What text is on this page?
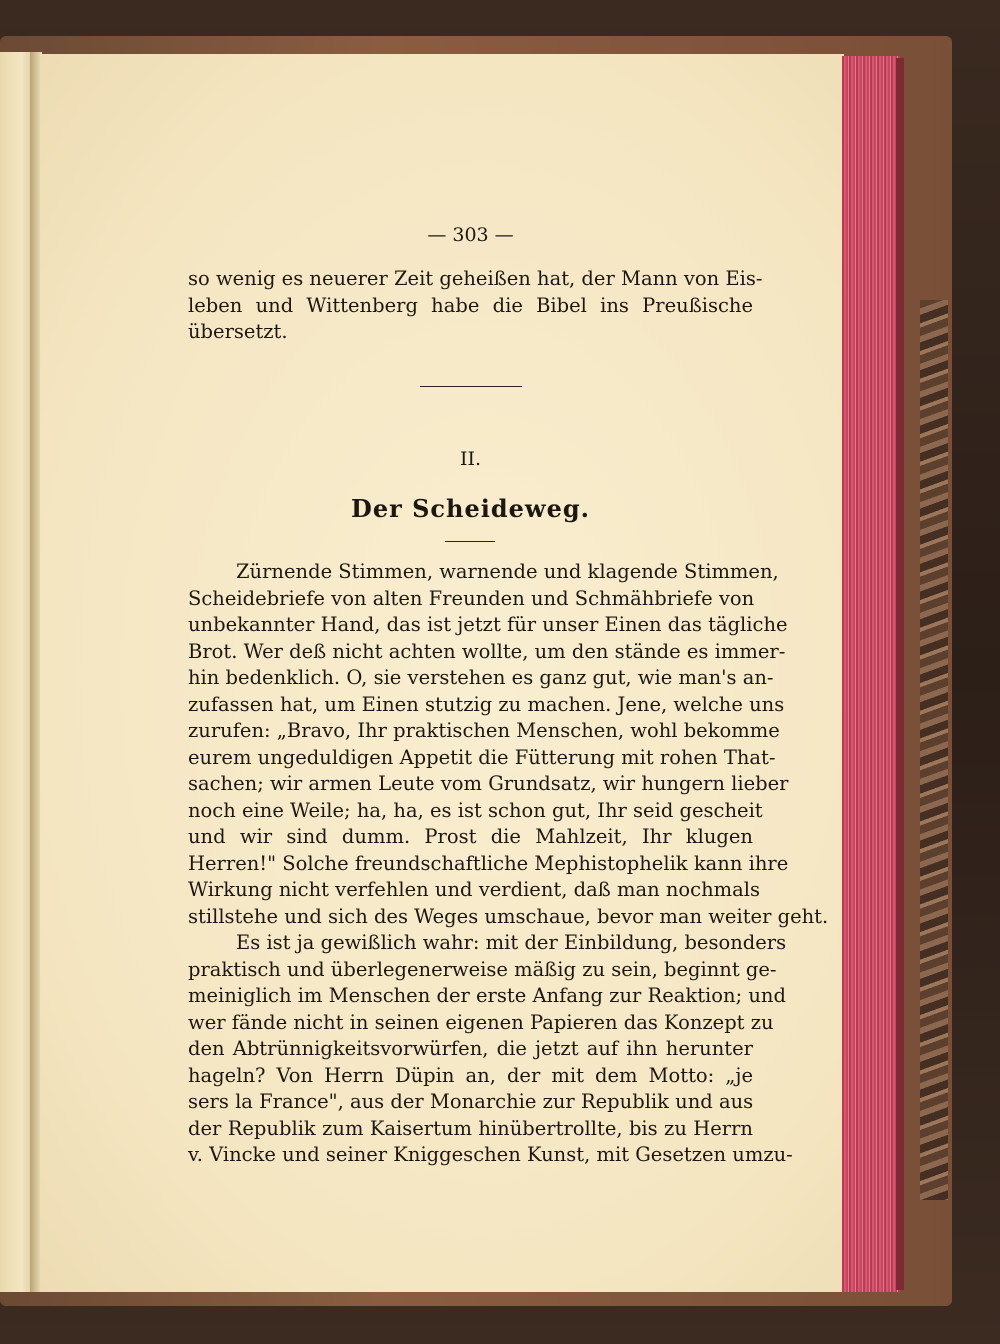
— 303 —
so wenig es neuerer Zeit geheißen hat, der Mann von Eis-
leben und Wittenberg habe die Bibel ins Preußische
übersetzt.
II.
Der Scheideweg.
Zürnende Stimmen, warnende und klagende Stimmen,
Scheidebriefe von alten Freunden und Schmähbriefe von
unbekannter Hand, das ist jetzt für unser Einen das tägliche
Brot. Wer deß nicht achten wollte, um den stände es immer-
hin bedenklich. O, sie verstehen es ganz gut, wie man's an-
zufassen hat, um Einen stutzig zu machen. Jene, welche uns
zurufen: „Bravo, Ihr praktischen Menschen, wohl bekomme
eurem ungeduldigen Appetit die Fütterung mit rohen That-
sachen; wir armen Leute vom Grundsatz, wir hungern lieber
noch eine Weile; ha, ha, es ist schon gut, Ihr seid gescheit
und wir sind dumm. Prost die Mahlzeit, Ihr klugen
Herren!" Solche freundschaftliche Mephistophelik kann ihre
Wirkung nicht verfehlen und verdient, daß man nochmals
stillstehe und sich des Weges umschaue, bevor man weiter geht.
Es ist ja gewißlich wahr: mit der Einbildung, besonders
praktisch und überlegenerweise mäßig zu sein, beginnt ge-
meiniglich im Menschen der erste Anfang zur Reaktion; und
wer fände nicht in seinen eigenen Papieren das Konzept zu
den Abtrünnigkeitsvorwürfen, die jetzt auf ihn herunter
hageln? Von Herrn Düpin an, der mit dem Motto: „je
sers la France", aus der Monarchie zur Republik und aus
der Republik zum Kaisertum hinübertrollte, bis zu Herrn
v. Vincke und seiner Kniggeschen Kunst, mit Gesetzen umzu-
